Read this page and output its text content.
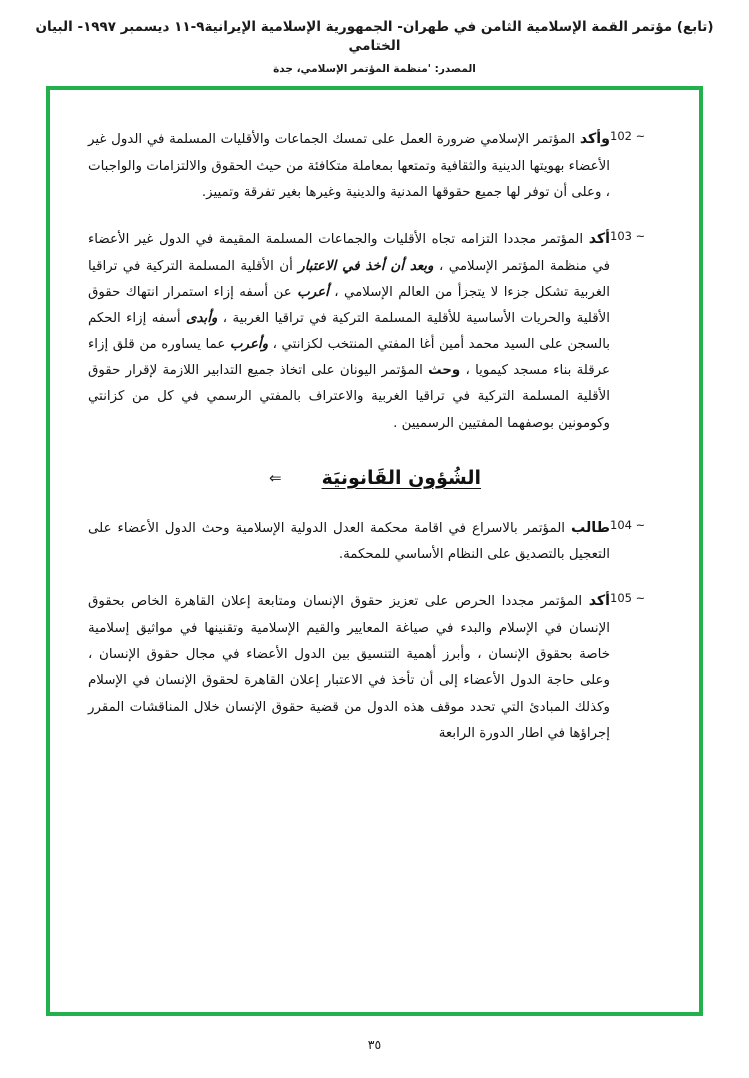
(تابع) مؤتمر القمة الإسلامية الثامن في طهران- الجمهورية الإسلامية الإيرانية٩-١١ ديسمبر ١٩٩٧- البيان الختامي
المصدر: 'منظمة المؤتمر الإسلامي، جدة
102 ~
وأكد المؤتمر الإسلامي ضرورة العمل على تمسك الجماعات والأقليات المسلمة في الدول غير الأعضاء بهويتها الدينية والثقافية وتمتعها بمعاملة متكافئة من حيث الحقوق والالتزامات والواجبات ، وعلى أن توفر لها جميع حقوقها المدنية والدينية وغيرها بغير تفرقة وتمييز.
103 ~
أكد المؤتمر مجددا التزامه تجاه الأقليات والجماعات المسلمة المقيمة في الدول غير الأعضاء في منظمة المؤتمر الإسلامي ، وبعد أن أخذ في الاعتبار أن الأقلية المسلمة التركية في تراقيا الغربية تشكل جزءا لا يتجزأ من العالم الإسلامي ، أعرب عن أسفه إزاء استمرار انتهاك حقوق الأقلية والحريات الأساسية للأقلية المسلمة التركية في تراقيا الغربية ، وأبدى أسفه إزاء الحكم بالسجن على السيد محمد أمين أغا المفتي المنتخب لكزانتي ، وأعرب عما يساوره من قلق إزاء عرقلة بناء مسجد كيمويا ، وحث المؤتمر اليونان على اتخاذ جميع التدابير اللازمة لإقرار حقوق الأقلية المسلمة التركية في تراقيا الغربية والاعتراف بالمفتي الرسمي في كل من كزانتي وكومونين بوصفهما المفتيين الرسميين .
الشُؤون القَانونيَة
⇐
104 ~
طالب المؤتمر بالاسراع في اقامة محكمة العدل الدولية الإسلامية وحث الدول الأعضاء على التعجيل بالتصديق على النظام الأساسي للمحكمة.
105 ~
أكد المؤتمر مجددا الحرص على تعزيز حقوق الإنسان ومتابعة إعلان القاهرة الخاص بحقوق الإنسان في الإسلام والبدء في صياغة المعايير والقيم الإسلامية وتقنينها في مواثيق إسلامية خاصة بحقوق الإنسان ، وأبرز أهمية التنسيق بين الدول الأعضاء في مجال حقوق الإنسان ، وعلى حاجة الدول الأعضاء إلى أن تأخذ في الاعتبار إعلان القاهرة لحقوق الإنسان في الإسلام وكذلك المبادئ التي تحدد موقف هذه الدول من قضية حقوق الإنسان خلال المناقشات المقرر إجراؤها في اطار الدورة الرابعة
٣٥
